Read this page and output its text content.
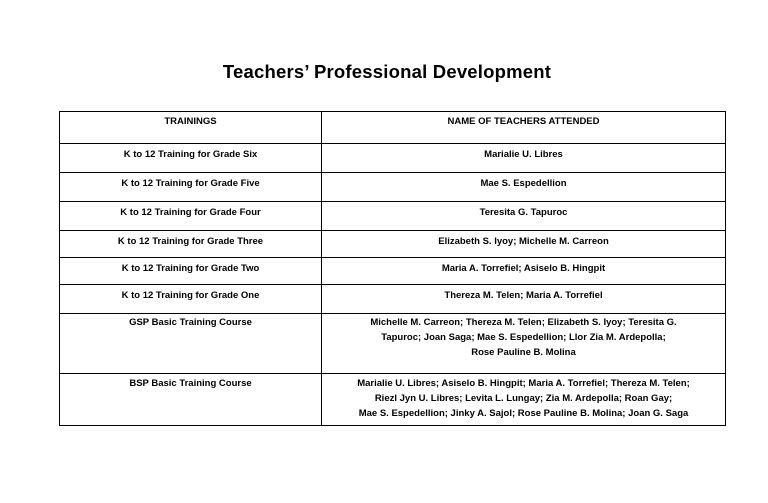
Teachers’ Professional Development
TRAININGS	NAME OF TEACHERS ATTENDED
K to 12 Training for Grade Six	Marialie U. Libres
K to 12 Training for Grade Five	Mae S. Espedellion
K to 12 Training for Grade Four	Teresita G. Tapuroc
K to 12 Training for Grade Three	Elizabeth S. Iyoy; Michelle M. Carreon
K to 12 Training for Grade Two	Maria A. Torrefiel; Asiselo B. Hingpit
K to 12 Training for Grade One	Thereza M. Telen; Maria A. Torrefiel
GSP Basic Training Course	Michelle M. Carreon; Thereza M. Telen; Elizabeth S. Iyoy; Teresita G.
Tapuroc; Joan Saga; Mae S. Espedellion; Llor Zia M. Ardepolla;
Rose Pauline B. Molina

BSP Basic Training Course	Marialie U. Libres; Asiselo B. Hingpit; Maria A. Torrefiel; Thereza M. Telen;
Riezl Jyn U. Libres; Levita L. Lungay; Zia M. Ardepolla; Roan Gay;
Mae S. Espedellion; Jinky A. Sajol; Rose Pauline B. Molina; Joan G. Saga
